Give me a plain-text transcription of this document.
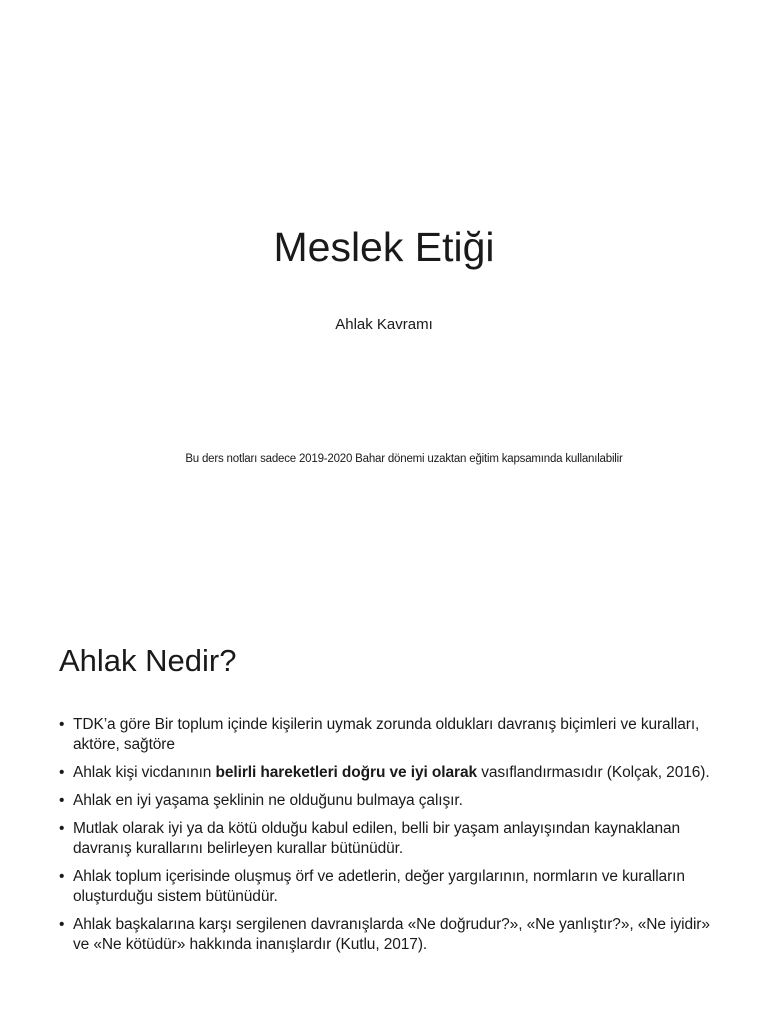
Meslek Etiği
Ahlak Kavramı
Bu ders notları sadece 2019-2020 Bahar dönemi uzaktan eğitim kapsamında kullanılabilir
Ahlak Nedir?
• TDK’a göre Bir toplum içinde kişilerin uymak zorunda oldukları davranış biçimleri ve kuralları, aktöre, sağtöre
• Ahlak kişi vicdanının belirli hareketleri doğru ve iyi olarak vasıflandırmasıdır (Kolçak, 2016).
• Ahlak en iyi yaşama şeklinin ne olduğunu bulmaya çalışır.
• Mutlak olarak iyi ya da kötü olduğu kabul edilen, belli bir yaşam anlayışından kaynaklanan davranış kurallarını belirleyen kurallar bütünüdür.
• Ahlak toplum içerisinde oluşmuş örf ve adetlerin, değer yargılarının, normların ve kuralların oluşturduğu sistem bütünüdür.
• Ahlak başkalarına karşı sergilenen davranışlarda «Ne doğrudur?», «Ne yanlıştır?», «Ne iyidir» ve «Ne kötüdür» hakkında inanışlardır (Kutlu, 2017).
